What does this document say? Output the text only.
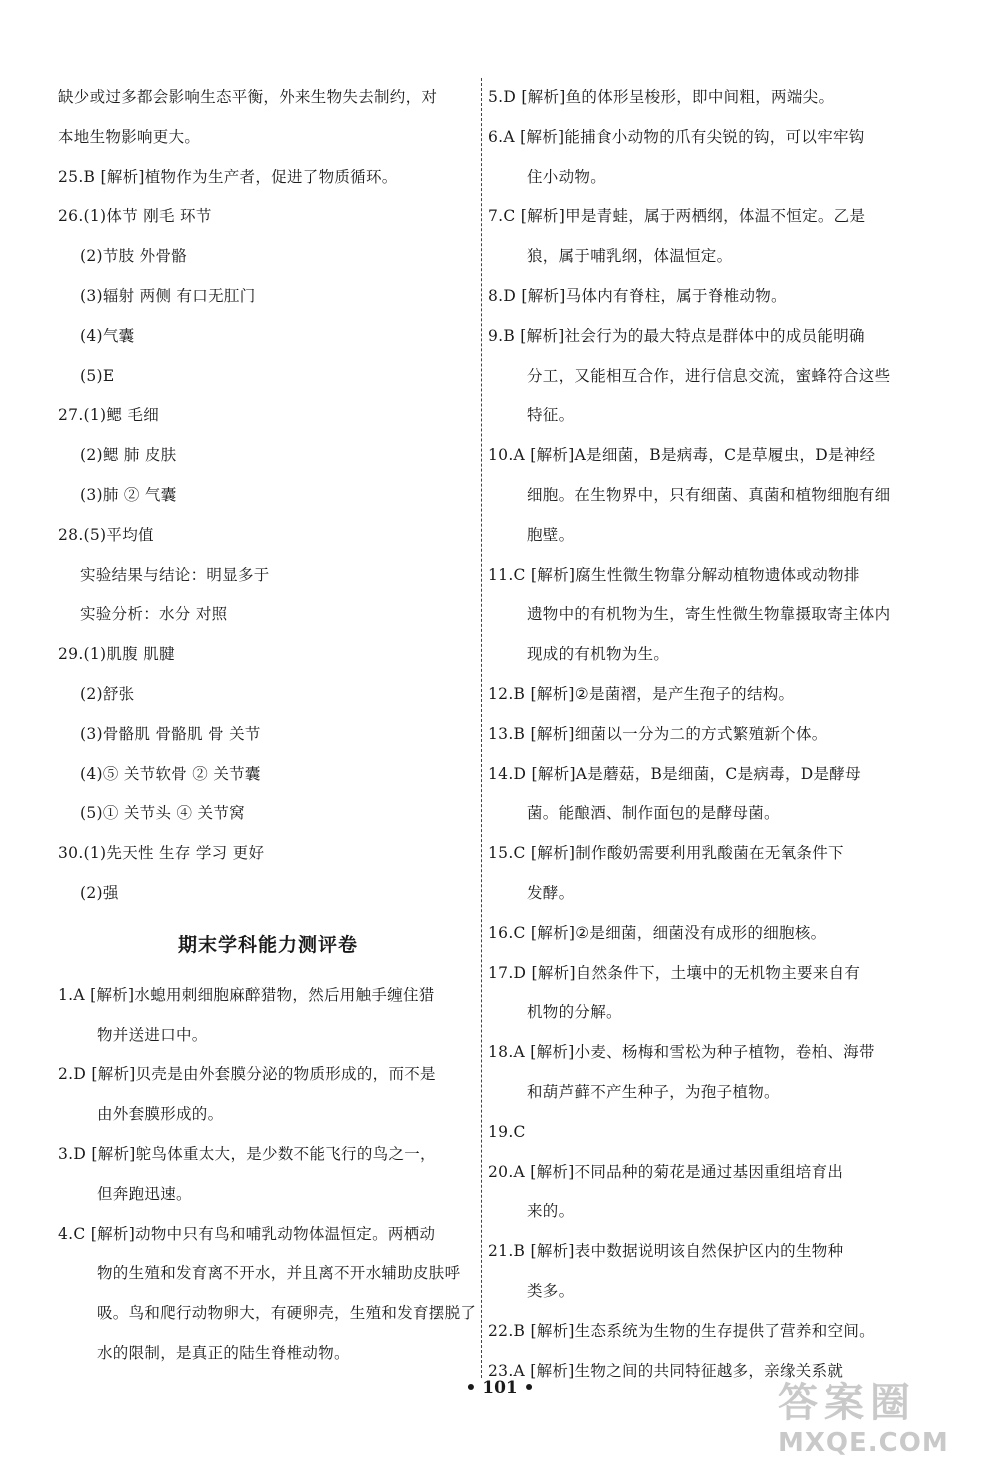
缺少或过多都会影响生态平衡，外来生物失去制约，对
本地生物影响更大。
25.B [解析]植物作为生产者，促进了物质循环。
26.(1)体节 刚毛 环节
(2)节肢 外骨骼
(3)辐射 两侧 有口无肛门
(4)气囊
(5)E
27.(1)鳃 毛细
(2)鳃 肺 皮肤
(3)肺 ② 气囊
28.(5)平均值
实验结果与结论：明显多于
实验分析：水分 对照
29.(1)肌腹 肌腱
(2)舒张
(3)骨骼肌 骨骼肌 骨 关节
(4)⑤ 关节软骨 ② 关节囊
(5)① 关节头 ④ 关节窝
30.(1)先天性 生存 学习 更好
(2)强
期末学科能力测评卷
1.A [解析]水螅用刺细胞麻醉猎物，然后用触手缠住猎
物并送进口中。
2.D [解析]贝壳是由外套膜分泌的物质形成的，而不是
由外套膜形成的。
3.D [解析]鸵鸟体重太大，是少数不能飞行的鸟之一，
但奔跑迅速。
4.C [解析]动物中只有鸟和哺乳动物体温恒定。两栖动
物的生殖和发育离不开水，并且离不开水辅助皮肤呼
吸。鸟和爬行动物卵大，有硬卵壳，生殖和发育摆脱了
水的限制，是真正的陆生脊椎动物。
5.D [解析]鱼的体形呈梭形，即中间粗，两端尖。
6.A [解析]能捕食小动物的爪有尖锐的钩，可以牢牢钩
住小动物。
7.C [解析]甲是青蛙，属于两栖纲，体温不恒定。乙是
狼，属于哺乳纲，体温恒定。
8.D [解析]马体内有脊柱，属于脊椎动物。
9.B [解析]社会行为的最大特点是群体中的成员能明确
分工，又能相互合作，进行信息交流，蜜蜂符合这些
特征。
10.A [解析]A是细菌，B是病毒，C是草履虫，D是神经
细胞。在生物界中，只有细菌、真菌和植物细胞有细
胞壁。
11.C [解析]腐生性微生物靠分解动植物遗体或动物排
遗物中的有机物为生，寄生性微生物靠摄取寄主体内
现成的有机物为生。
12.B [解析]②是菌褶，是产生孢子的结构。
13.B [解析]细菌以一分为二的方式繁殖新个体。
14.D [解析]A是蘑菇，B是细菌，C是病毒，D是酵母
菌。能酿酒、制作面包的是酵母菌。
15.C [解析]制作酸奶需要利用乳酸菌在无氧条件下
发酵。
16.C [解析]②是细菌，细菌没有成形的细胞核。
17.D [解析]自然条件下，土壤中的无机物主要来自有
机物的分解。
18.A [解析]小麦、杨梅和雪松为种子植物，卷柏、海带
和葫芦藓不产生种子，为孢子植物。
19.C
20.A [解析]不同品种的菊花是通过基因重组培育出
来的。
21.B [解析]表中数据说明该自然保护区内的生物种
类多。
22.B [解析]生态系统为生物的生存提供了营养和空间。
23.A [解析]生物之间的共同特征越多，亲缘关系就
• 101 •	答案圈
MXQE.COM
